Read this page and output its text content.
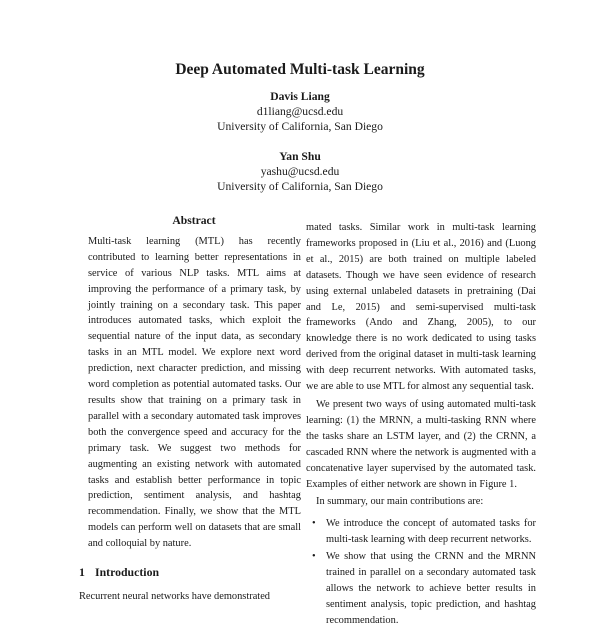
Deep Automated Multi-task Learning
Davis Liang
d1liang@ucsd.edu
University of California, San Diego
Yan Shu
yashu@ucsd.edu
University of California, San Diego
Abstract

Multi-task learning (MTL) has recently contributed to learning better representations in service of various NLP tasks. MTL aims at improving the performance of a primary task, by jointly training on a secondary task. This paper introduces automated tasks, which exploit the sequential nature of the input data, as secondary tasks in an MTL model. We explore next word prediction, next character prediction, and missing word completion as potential automated tasks. Our results show that training on a primary task in parallel with a secondary automated task improves both the convergence speed and accuracy for the primary task. We suggest two methods for augmenting an existing network with automated tasks and establish better performance in topic prediction, sentiment analysis, and hashtag recommendation. Finally, we show that the MTL models can perform well on datasets that are small and colloquial by nature.

1 Introduction

Recurrent neural networks have demonstrated

mated tasks. Similar work in multi-task learning frameworks proposed in (Liu et al., 2016) and (Luong et al., 2015) are both trained on multiple labeled datasets. Though we have seen evidence of research using external unlabeled datasets in pretraining (Dai and Le, 2015) and semi-supervised multi-task frameworks (Ando and Zhang, 2005), to our knowledge there is no work dedicated to using tasks derived from the original dataset in multi-task learning with deep recurrent networks. With automated tasks, we are able to use MTL for almost any sequential task.

We present two ways of using automated multi-task learning: (1) the MRNN, a multi-tasking RNN where the tasks share an LSTM layer, and (2) the CRNN, a cascaded RNN where the network is augmented with a concatenative layer supervised by the automated task. Examples of either network are shown in Figure 1.

In summary, our main contributions are:

• We introduce the concept of automated tasks for multi-task learning with deep recurrent networks.
• We show that using the CRNN and the MRNN trained in parallel on a secondary automated task allows the network to achieve better results in sentiment analysis, topic prediction, and hashtag recommendation.
